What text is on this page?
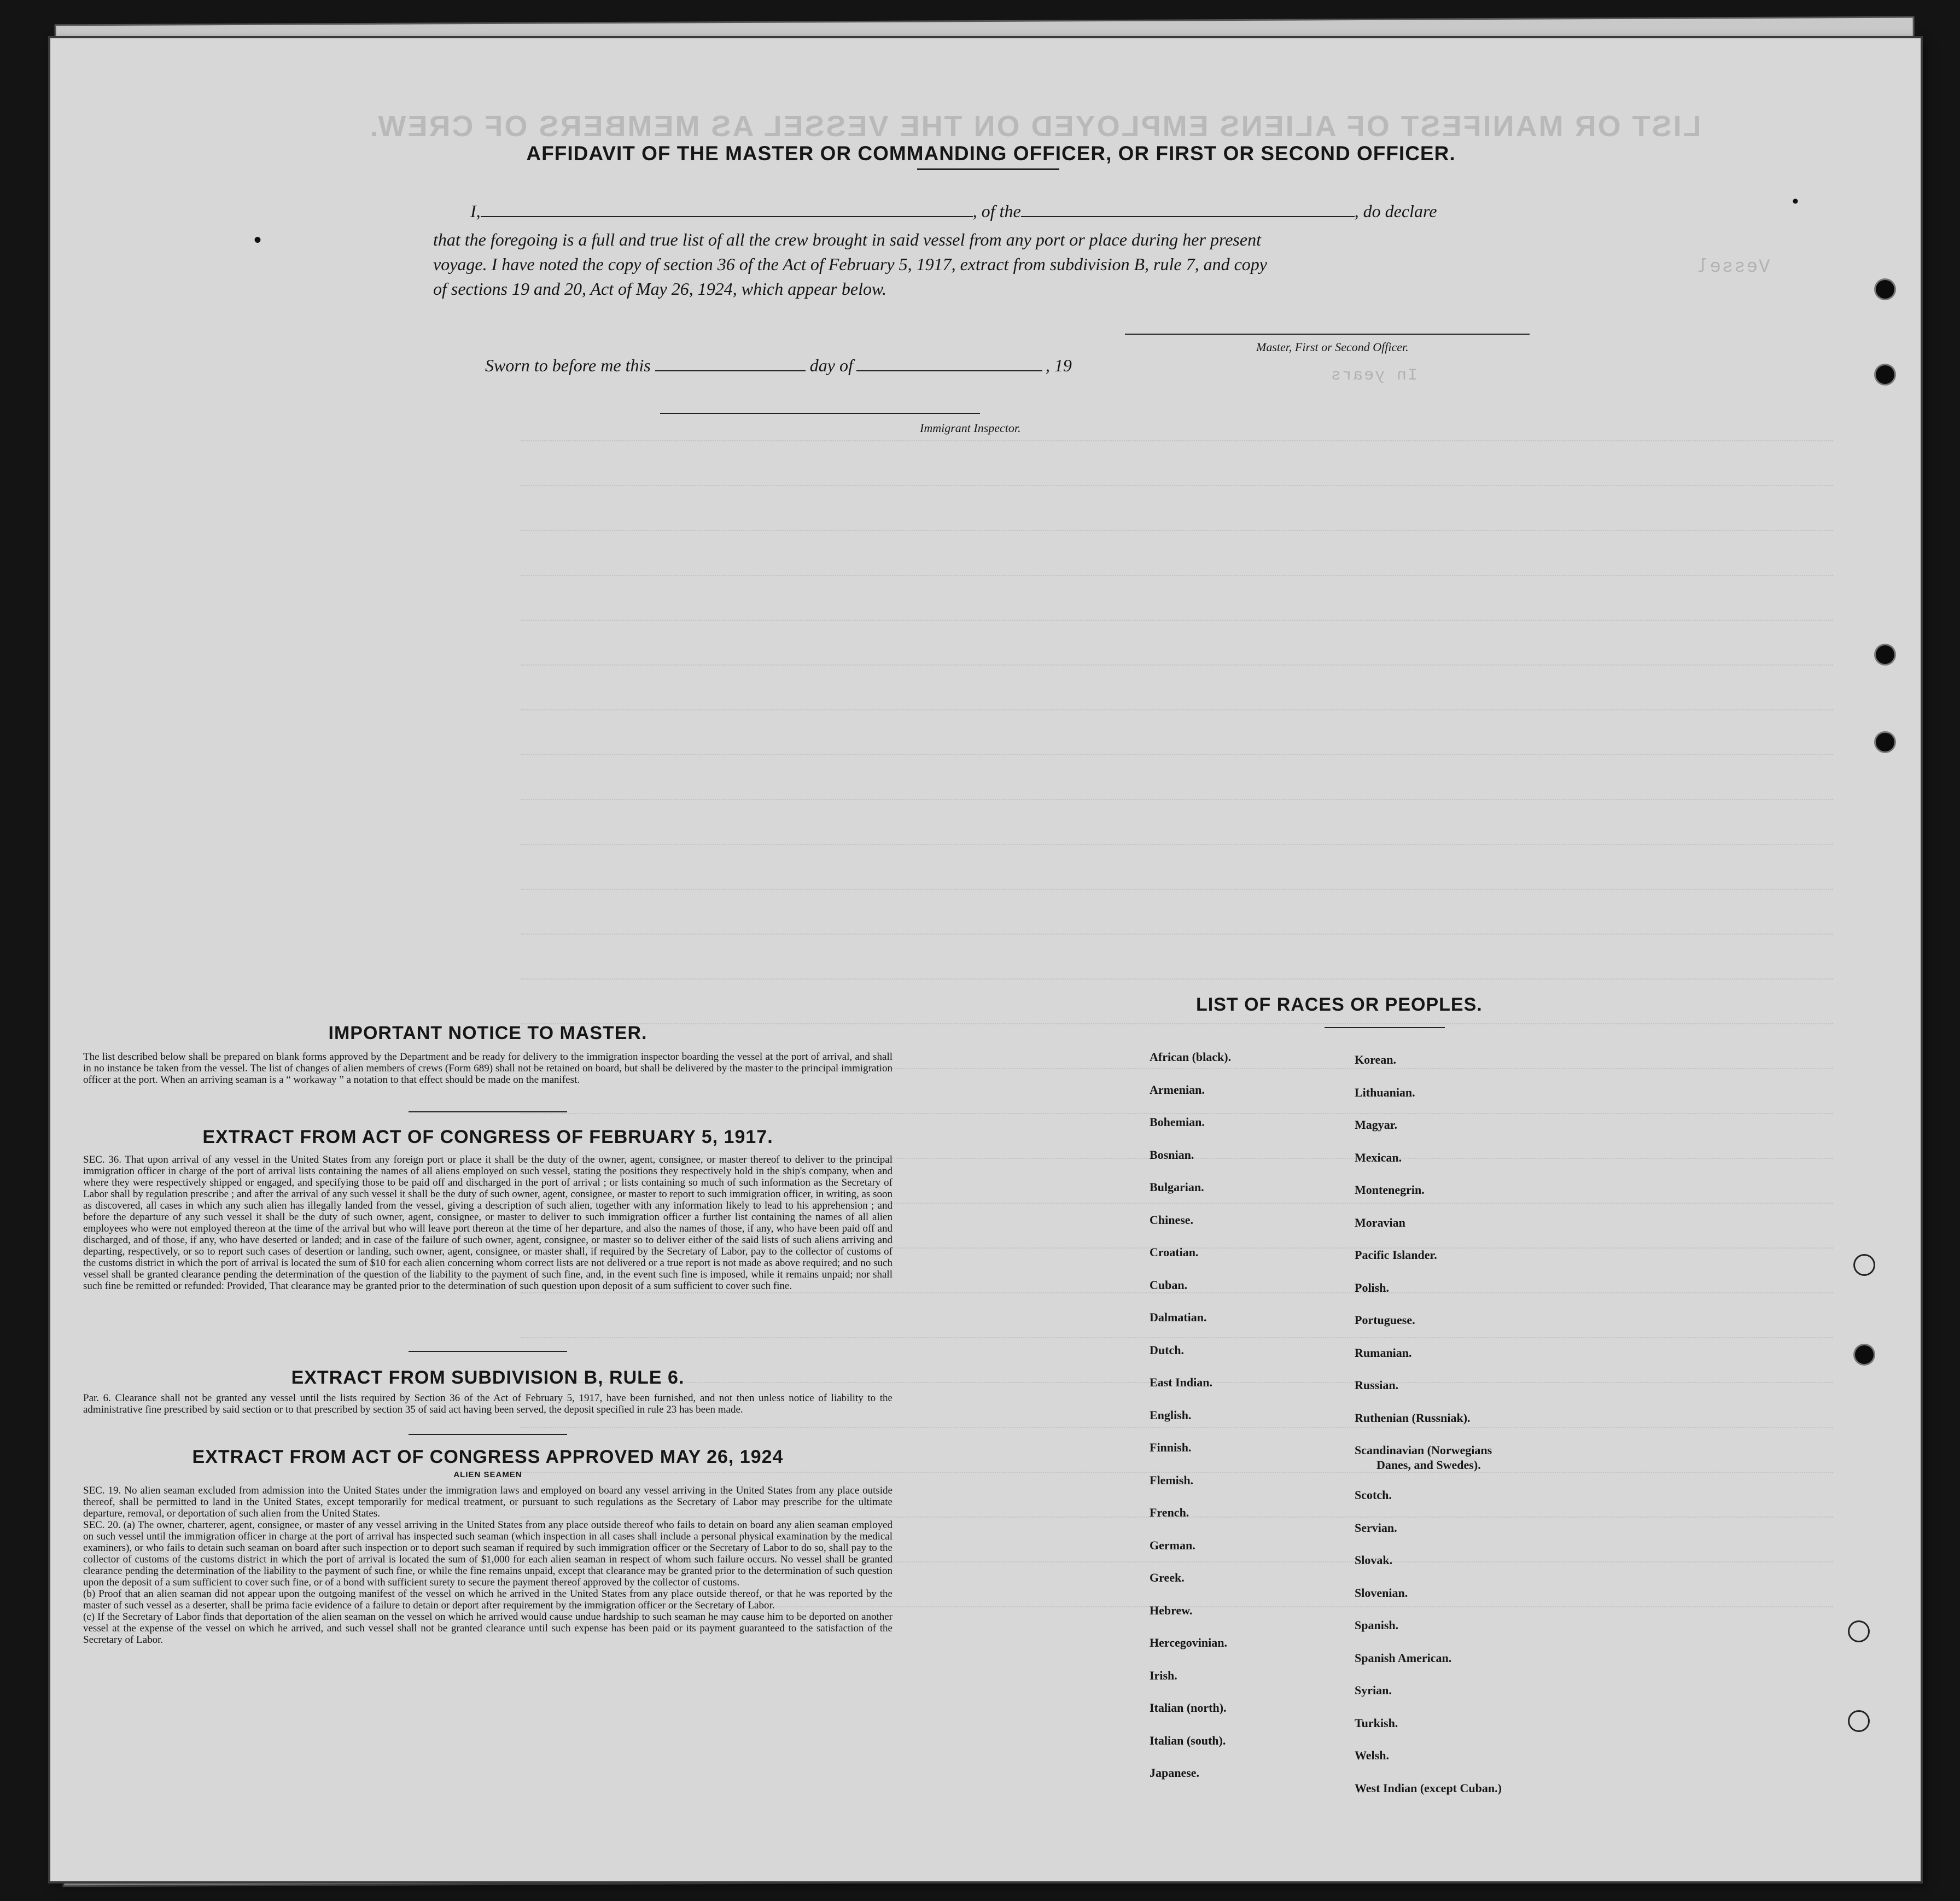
LIST OR MANIFEST OF ALIENS EMPLOYED ON THE VESSEL AS MEMBERS OF CREW.
Vessel
In years
AFFIDAVIT OF THE MASTER OR COMMANDING OFFICER, OR FIRST OR SECOND OFFICER.
I,	, of the	, do declare
that the foregoing is a full and true list of all the crew brought in said vessel from any port or place during her present
voyage. I have noted the copy of section 36 of the Act of February 5, 1917, extract from subdivision B, rule 7, and copy
of sections 19 and 20, Act of May 26, 1924, which appear below.
Master, First or Second Officer.
Sworn to before me this	day of	, 19
Immigrant Inspector.
IMPORTANT NOTICE TO MASTER.
The list described below shall be prepared on blank forms approved by the Department and be ready for delivery to the immigration inspector boarding the vessel at the port of arrival, and shall in no instance be taken from the vessel. The list of changes of alien members of crews (Form 689) shall not be retained on board, but shall be delivered by the master to the principal immigration officer at the port. When an arriving seaman is a “ workaway ” a notation to that effect should be made on the manifest.
EXTRACT FROM ACT OF CONGRESS OF FEBRUARY 5, 1917.
SEC. 36. That upon arrival of any vessel in the United States from any foreign port or place it shall be the duty of the owner, agent, consignee, or master thereof to deliver to the principal immigration officer in charge of the port of arrival lists containing the names of all aliens employed on such vessel, stating the positions they respectively hold in the ship's company, when and where they were respectively shipped or engaged, and specifying those to be paid off and discharged in the port of arrival ; or lists containing so much of such information as the Secretary of Labor shall by regulation prescribe ; and after the arrival of any such vessel it shall be the duty of such owner, agent, consignee, or master to report to such immigration officer, in writing, as soon as discovered, all cases in which any such alien has illegally landed from the vessel, giving a description of such alien, together with any information likely to lead to his apprehension ; and before the departure of any such vessel it shall be the duty of such owner, agent, consignee, or master to deliver to such immigration officer a further list containing the names of all alien employees who were not employed thereon at the time of the arrival but who will leave port thereon at the time of her departure, and also the names of those, if any, who have been paid off and discharged, and of those, if any, who have deserted or landed; and in case of the failure of such owner, agent, consignee, or master so to deliver either of the said lists of such aliens arriving and departing, respectively, or so to report such cases of desertion or landing, such owner, agent, consignee, or master shall, if required by the Secretary of Labor, pay to the collector of customs of the customs district in which the port of arrival is located the sum of $10 for each alien concerning whom correct lists are not delivered or a true report is not made as above required; and no such vessel shall be granted clearance pending the determination of the question of the liability to the payment of such fine, and, in the event such fine is imposed, while it remains unpaid; nor shall such fine be remitted or refunded: Provided, That clearance may be granted prior to the determination of such question upon deposit of a sum sufficient to cover such fine.
EXTRACT FROM SUBDIVISION B, RULE 6.
Par. 6. Clearance shall not be granted any vessel until the lists required by Section 36 of the Act of February 5, 1917, have been furnished, and not then unless notice of liability to the administrative fine prescribed by said section or to that prescribed by section 35 of said act having been served, the deposit specified in rule 23 has been made.
EXTRACT FROM ACT OF CONGRESS APPROVED MAY 26, 1924
ALIEN SEAMEN
SEC. 19. No alien seaman excluded from admission into the United States under the immigration laws and employed on board any vessel arriving in the United States from any place outside thereof, shall be permitted to land in the United States, except temporarily for medical treatment, or pursuant to such regulations as the Secretary of Labor may prescribe for the ultimate departure, removal, or deportation of such alien from the United States.
SEC. 20. (a) The owner, charterer, agent, consignee, or master of any vessel arriving in the United States from any place outside thereof who fails to detain on board any alien seaman employed on such vessel until the immigration officer in charge at the port of arrival has inspected such seaman (which inspection in all cases shall include a personal physical examination by the medical examiners), or who fails to detain such seaman on board after such inspection or to deport such seaman if required by such immigration officer or the Secretary of Labor to do so, shall pay to the collector of customs of the customs district in which the port of arrival is located the sum of $1,000 for each alien seaman in respect of whom such failure occurs. No vessel shall be granted clearance pending the determination of the liability to the payment of such fine, or while the fine remains unpaid, except that clearance may be granted prior to the determination of such question upon the deposit of a sum sufficient to cover such fine, or of a bond with sufficient surety to secure the payment thereof approved by the collector of customs.
(b) Proof that an alien seaman did not appear upon the outgoing manifest of the vessel on which he arrived in the United States from any place outside thereof, or that he was reported by the master of such vessel as a deserter, shall be prima facie evidence of a failure to detain or deport after requirement by the immigration officer or the Secretary of Labor.
(c) If the Secretary of Labor finds that deportation of the alien seaman on the vessel on which he arrived would cause undue hardship to such seaman he may cause him to be deported on another vessel at the expense of the vessel on which he arrived, and such vessel shall not be granted clearance until such expense has been paid or its payment guaranteed to the satisfaction of the Secretary of Labor.
LIST OF RACES OR PEOPLES.
African (black).
Armenian.
Bohemian.
Bosnian.
Bulgarian.
Chinese.
Croatian.
Cuban.
Dalmatian.
Dutch.
East Indian.
English.
Finnish.
Flemish.
French.
German.
Greek.
Hebrew.
Hercegovinian.
Irish.
Italian (north).
Italian (south).
Japanese.
Korean.
Lithuanian.
Magyar.
Mexican.
Montenegrin.
Moravian
Pacific Islander.
Polish.
Portuguese.
Rumanian.
Russian.
Ruthenian (Russniak).
Scandinavian (Norwegians
Danes, and Swedes).
Scotch.
Servian.
Slovak.
Slovenian.
Spanish.
Spanish American.
Syrian.
Turkish.
Welsh.
West Indian (except Cuban.)
•
•
